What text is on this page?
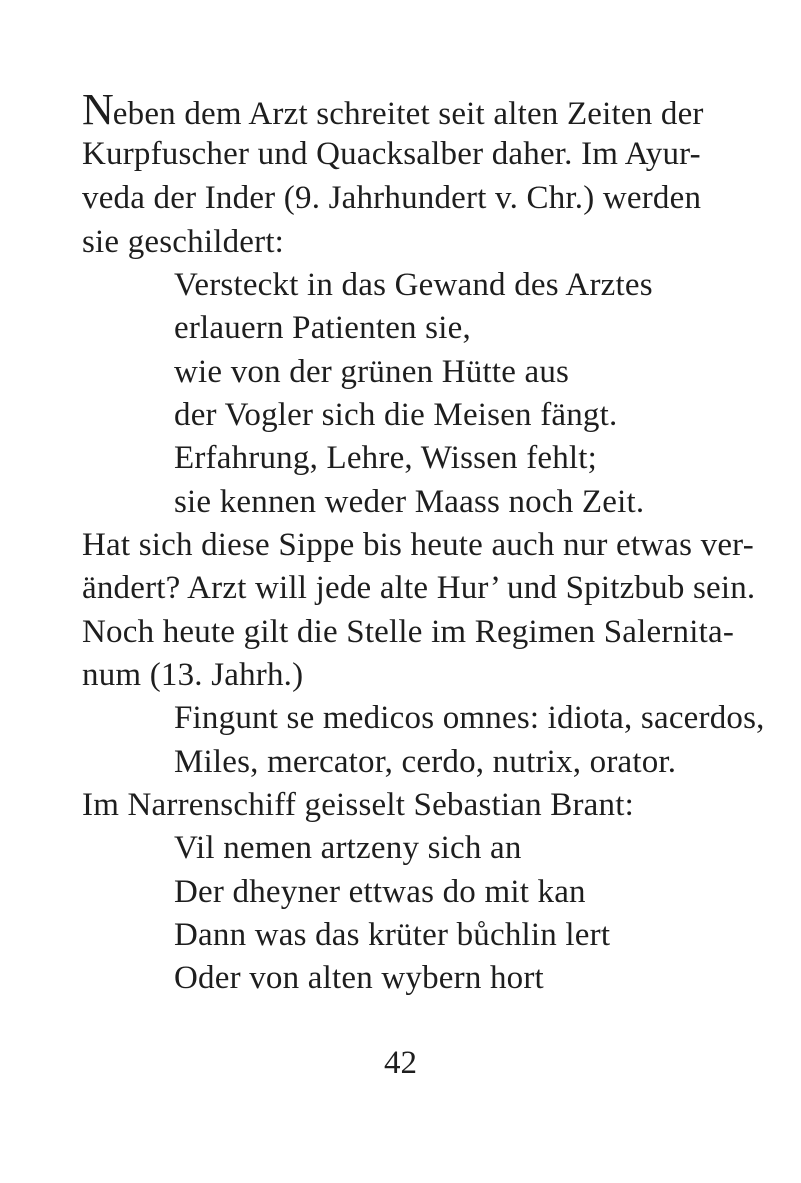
Neben dem Arzt schreitet seit alten Zeiten der
Kurpfuscher und Quacksalber daher. Im Ayur-
veda der Inder (9. Jahrhundert v. Chr.) werden
sie geschildert:
Versteckt in das Gewand des Arztes
erlauern Patienten sie,
wie von der grünen Hütte aus
der Vogler sich die Meisen fängt.
Erfahrung, Lehre, Wissen fehlt;
sie kennen weder Maass noch Zeit.
Hat sich diese Sippe bis heute auch nur etwas ver-
ändert? Arzt will jede alte Hur’ und Spitzbub sein.
Noch heute gilt die Stelle im Regimen Salernita-
num (13. Jahrh.)
Fingunt se medicos omnes: idiota, sacerdos,
Miles, mercator, cerdo, nutrix, orator.
Im Narrenschiff geisselt Sebastian Brant:
Vil nemen artzeny sich an
Der dheyner ettwas do mit kan
Dann was das krüter bůchlin lert
Oder von alten wybern hort
42
